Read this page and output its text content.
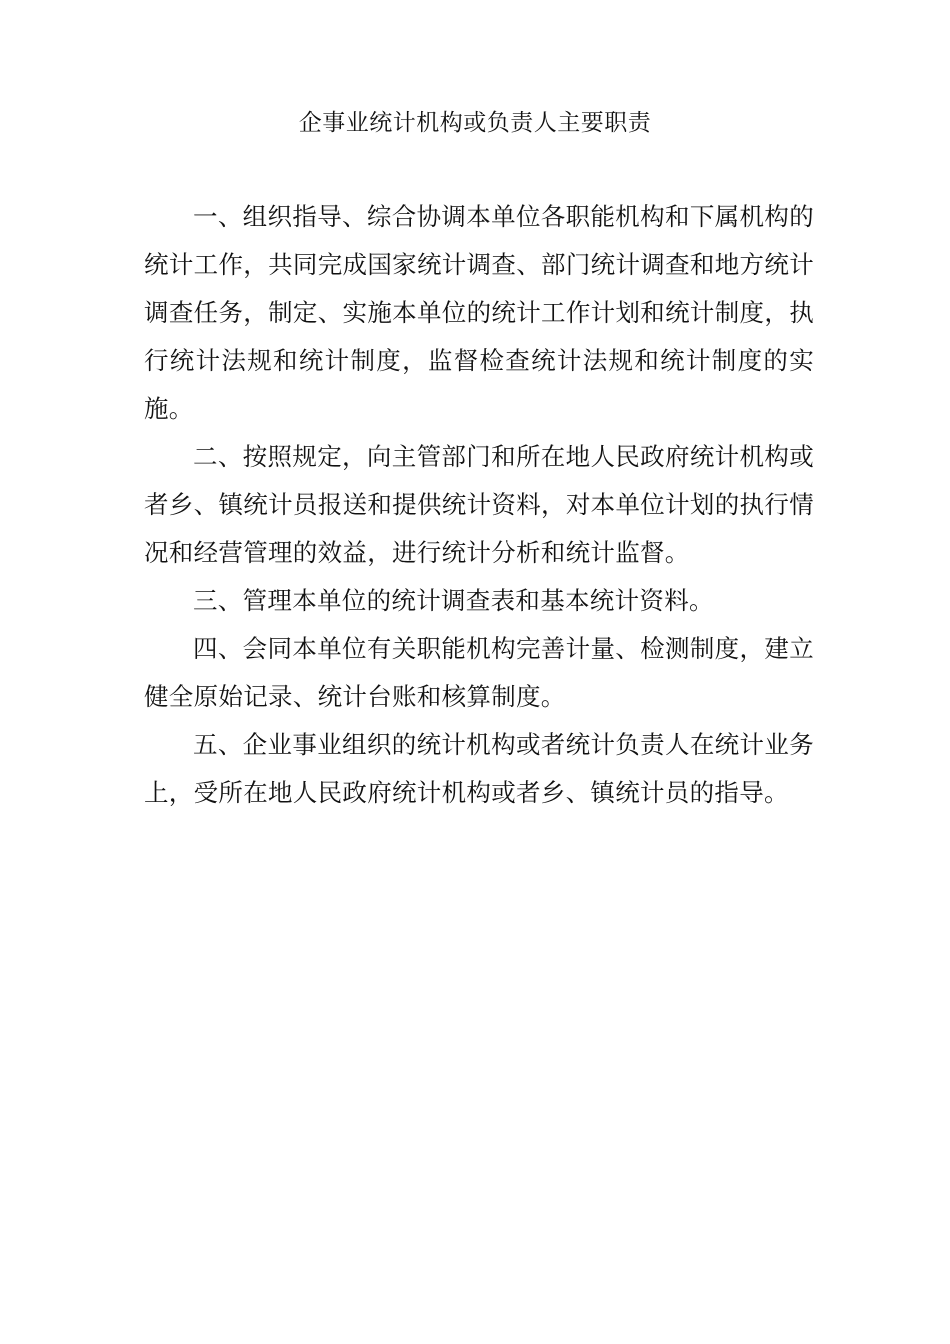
企事业统计机构或负责人主要职责

一、组织指导、综合协调本单位各职能机构和下属机构的统计工作，共同完成国家统计调查、部门统计调查和地方统计调查任务，制定、实施本单位的统计工作计划和统计制度，执行统计法规和统计制度，监督检查统计法规和统计制度的实施。

二、按照规定，向主管部门和所在地人民政府统计机构或者乡、镇统计员报送和提供统计资料，对本单位计划的执行情况和经营管理的效益，进行统计分析和统计监督。

三、管理本单位的统计调查表和基本统计资料。

四、会同本单位有关职能机构完善计量、检测制度，建立健全原始记录、统计台账和核算制度。

五、企业事业组织的统计机构或者统计负责人在统计业务上，受所在地人民政府统计机构或者乡、镇统计员的指导。
